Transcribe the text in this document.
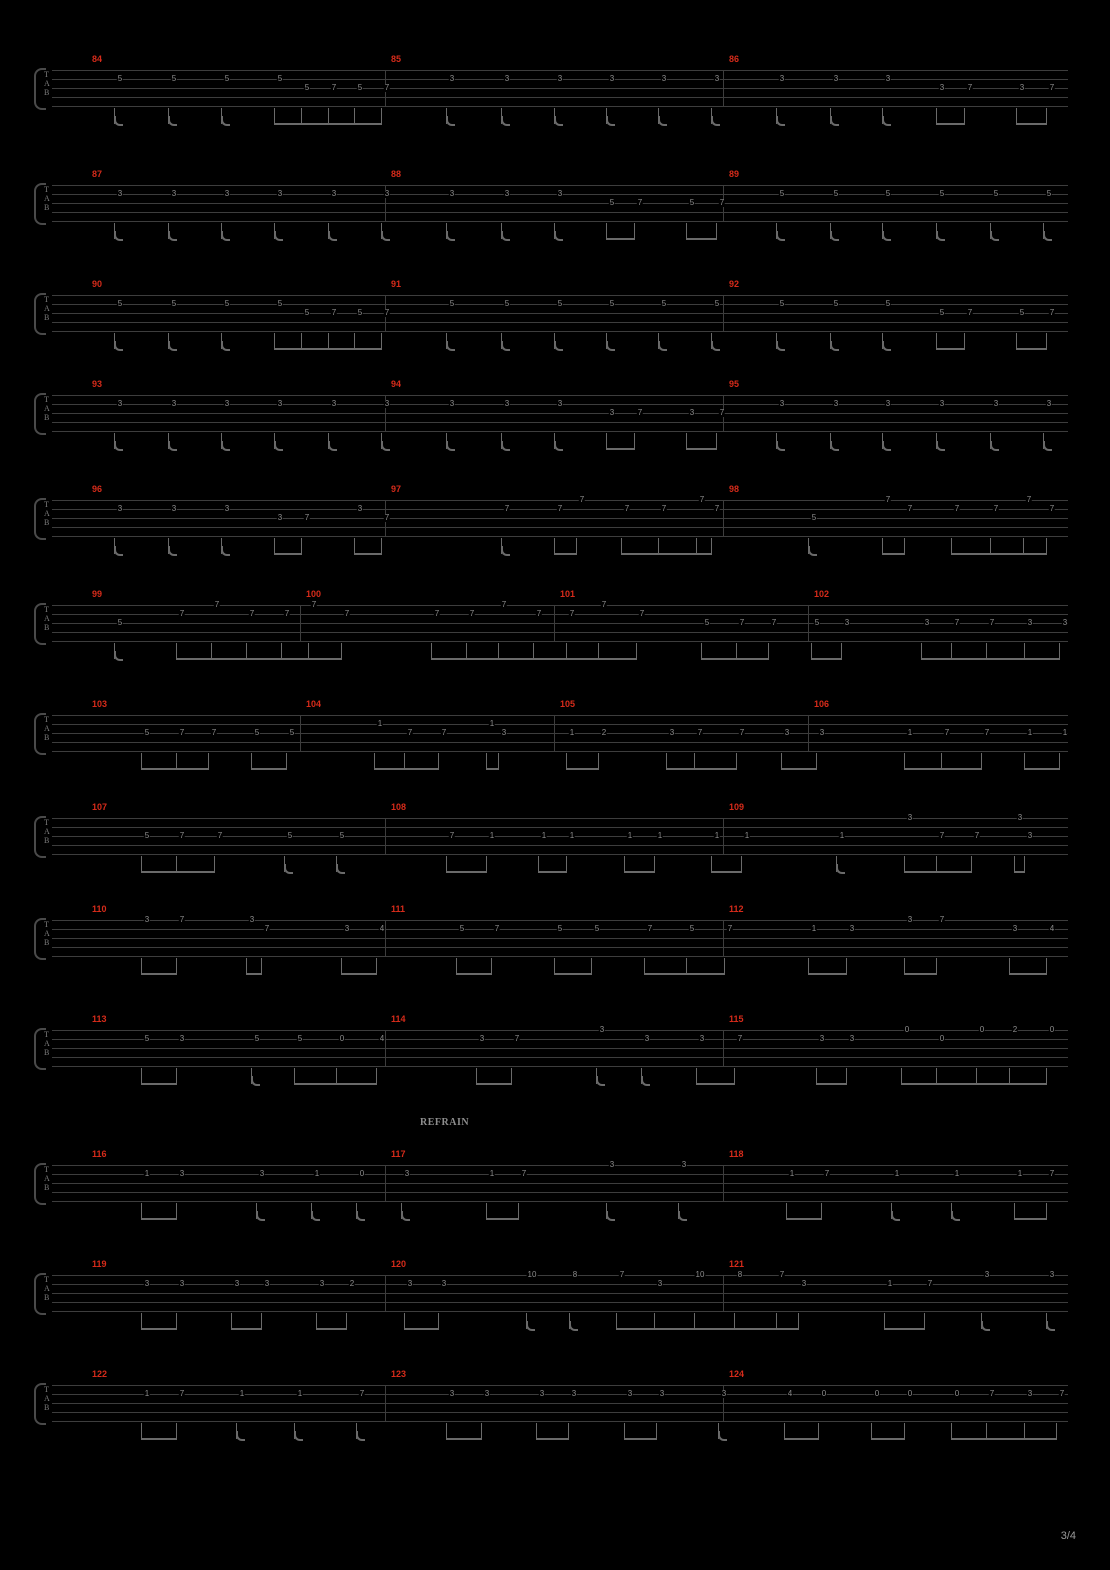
3/4
T
A
B
84	85	86
5	5	5	5
5	7	5	7
3	3	3	3	3	3	3	3	3
3	7	3	7
T
A
B
87	88	89
3	3	3	3	3	3	3	3	3
5	7	5	7
5	5	5	5	5	5
T
A
B
90	91	92
5	5	5	5
5	7	5	7
5	5	5	5	5	5	5	5	5
5	7	5	7
T
A
B
93	94	95
3	3	3	3	3	3	3	3	3
3	7	3	7
3	3	3	3	3	3
T
A
B
96	97	98
3	3	3
3	7
3
7
7	7
7
7	7
7
7
5
7
7	7	7
7
7
T
A
B
99	100	101	102
5
7
7
7	7
7
7	7	7
7
7	7
7
7
5	7	7	5	3	3	7	7	3	3
T
A
B
103	104	105	106
5	7	7	5	5
1
7	7
1
3	1	2	3	7	7	3	3	1	7	7	1	1
T
A
B
107	108	109
5	7	7	5	5	7	1	1	1	1	1	1	1	1
3
7	7
3
3
T
A
B
110	111	112
3	7	3
7	3	4	5	7	5	5	7	5	7	1	3
3	7
3	4
T
A
B
113	114	115
5	3	5	5	0	4	3	7
3
3	3	7	3	3
0
0
0	2	0
REFRAIN
T
A
B
116	117	118
1	3	3	1	0	3	1	7
3	3
1	7	1	1	1	7
T
A
B
119	120	121
3	3	3	3	3	2	3	3
10	8	7
3
10	8	7
3	1	7
3	3
T
A
B
122	123	124
1	7	1	1	7	3	3	3	3	3	3	3	4	0	0	0	0	7	3	7
